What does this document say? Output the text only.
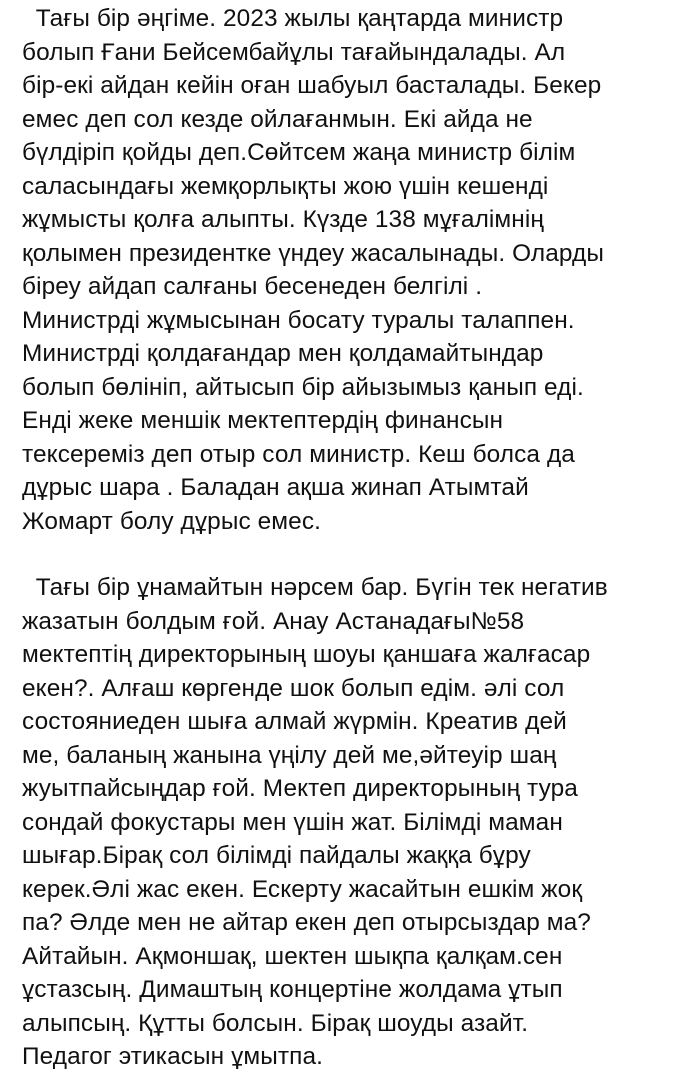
Тағы бір әңгіме. 2023 жылы қаңтарда министр
болып Ғани Бейсембайұлы тағайындалады. Ал
бір-екі айдан кейін оған шабуыл басталады. Бекер
емес деп сол кезде ойлағанмын. Екі айда не
бүлдіріп қойды деп.Сөйтсем жаңа министр білім
саласындағы жемқорлықты жою үшін кешенді
жұмысты қолға алыпты. Күзде 138 мұғалімнің
қолымен президентке үндеу жасалынады. Оларды
біреу айдап салғаны бесенеден белгілі .
Министрді жұмысынан босату туралы талаппен.
Министрді қолдағандар мен қолдамайтындар
болып бөлініп, айтысып бір айызымыз қанып еді.
Енді жеке меншік мектептердің финансын
тексереміз деп отыр сол министр. Кеш болса да
дұрыс шара . Баладан ақша жинап Атымтай
Жомарт болу дұрыс емес.

Тағы бір ұнамайтын нәрсем бар. Бүгін тек негатив
жазатын болдым ғой. Анау Астанадағы№58
мектептің директорының шоуы қаншаға жалғасар
екен?. Алғаш көргенде шок болып едім. әлі сол
состояниеден шыға алмай жүрмін. Креатив дей
ме, баланың жанына үңілу дей ме,әйтеуір шаң
жуытпайсыңдар ғой. Мектеп директорының тура
сондай фокустары мен үшін жат. Білімді маман
шығар.Бірақ сол білімді пайдалы жаққа бұру
керек.Әлі жас екен. Ескерту жасайтын ешкім жоқ
па? Әлде мен не айтар екен деп отырсыздар ма?
Айтайын. Ақмоншақ, шектен шықпа қалқам.сен
ұстазсың. Димаштың концертіне жолдама ұтып
алыпсың. Құтты болсын. Бірақ шоуды азайт.
Педагог этикасын ұмытпа.
